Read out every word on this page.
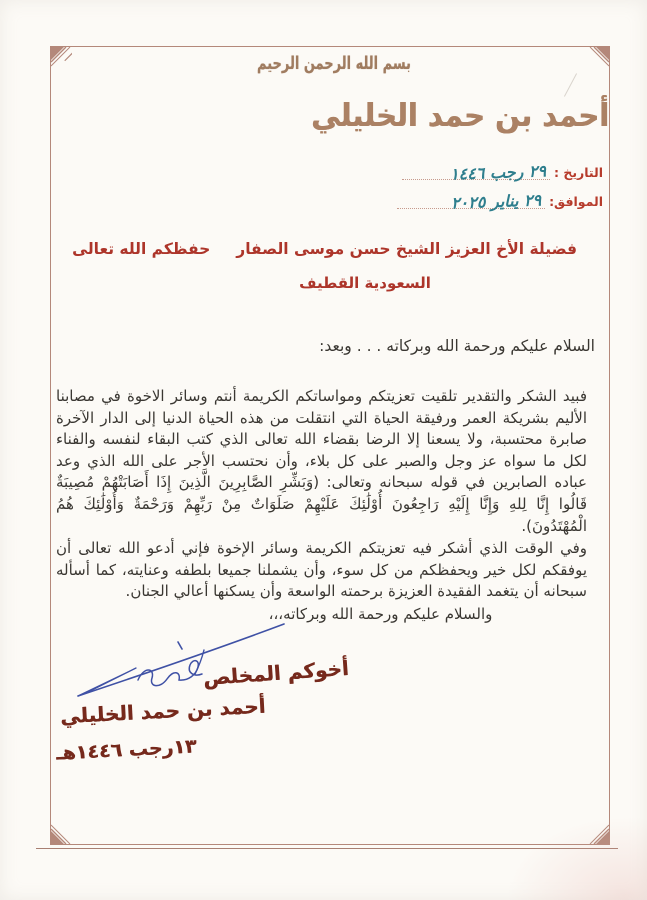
بسم الله الرحمن الرحيم
أحمد بن حمد الخليلي
التاريخ :
٢٩ رجب ١٤٤٦
الموافق:
٢٩ يناير ٢٠٢٥
فضيلة الأخ العزيز الشيخ حسن موسى الصفارحفظكم الله تعالى
السعودية القطيف
السلام عليكم ورحمة الله وبركاته . . . وبعد:

فبيد الشكر والتقدير تلقيت تعزيتكم ومواساتكم الكريمة أنتم وسائر الاخوة في مصابنا الأليم بشريكة العمر ورفيقة الحياة التي انتقلت من هذه الحياة الدنيا إلى الدار الآخرة صابرة محتسبة، ولا يسعنا إلا الرضا بقضاء الله تعالى الذي كتب البقاء لنفسه والفناء لكل ما سواه عز وجل والصبر على كل بلاء، وأن نحتسب الأجر على الله الذي وعد عباده الصابرين في قوله سبحانه وتعالى: (وَبَشِّرِ الصَّابِرِينَ الَّذِينَ إِذَا أَصَابَتْهُمْ مُصِيبَةٌ قَالُوا إِنَّا لِلهِ وَإِنَّا إِلَيْهِ رَاجِعُونَ أُوْلَٰئِكَ عَلَيْهِمْ صَلَوَاتٌ مِنْ رَبِّهِمْ وَرَحْمَةٌ وَأُوْلَٰئِكَ هُمُ الْمُهْتَدُونَ).

وفي الوقت الذي أشكر فيه تعزيتكم الكريمة وسائر الإخوة فإني أدعو الله تعالى أن يوفقكم لكل خير ويحفظكم من كل سوء، وأن يشملنا جميعا بلطفه وعنايته، كما أسأله سبحانه أن يتغمد الفقيدة العزيزة برحمته الواسعة وأن يسكنها أعالي الجنان.

والسلام عليكم ورحمة الله وبركاته،،،
أخوكم المخلص
أحمد بن حمد الخليلي
١٣رجب ١٤٤٦هـ
